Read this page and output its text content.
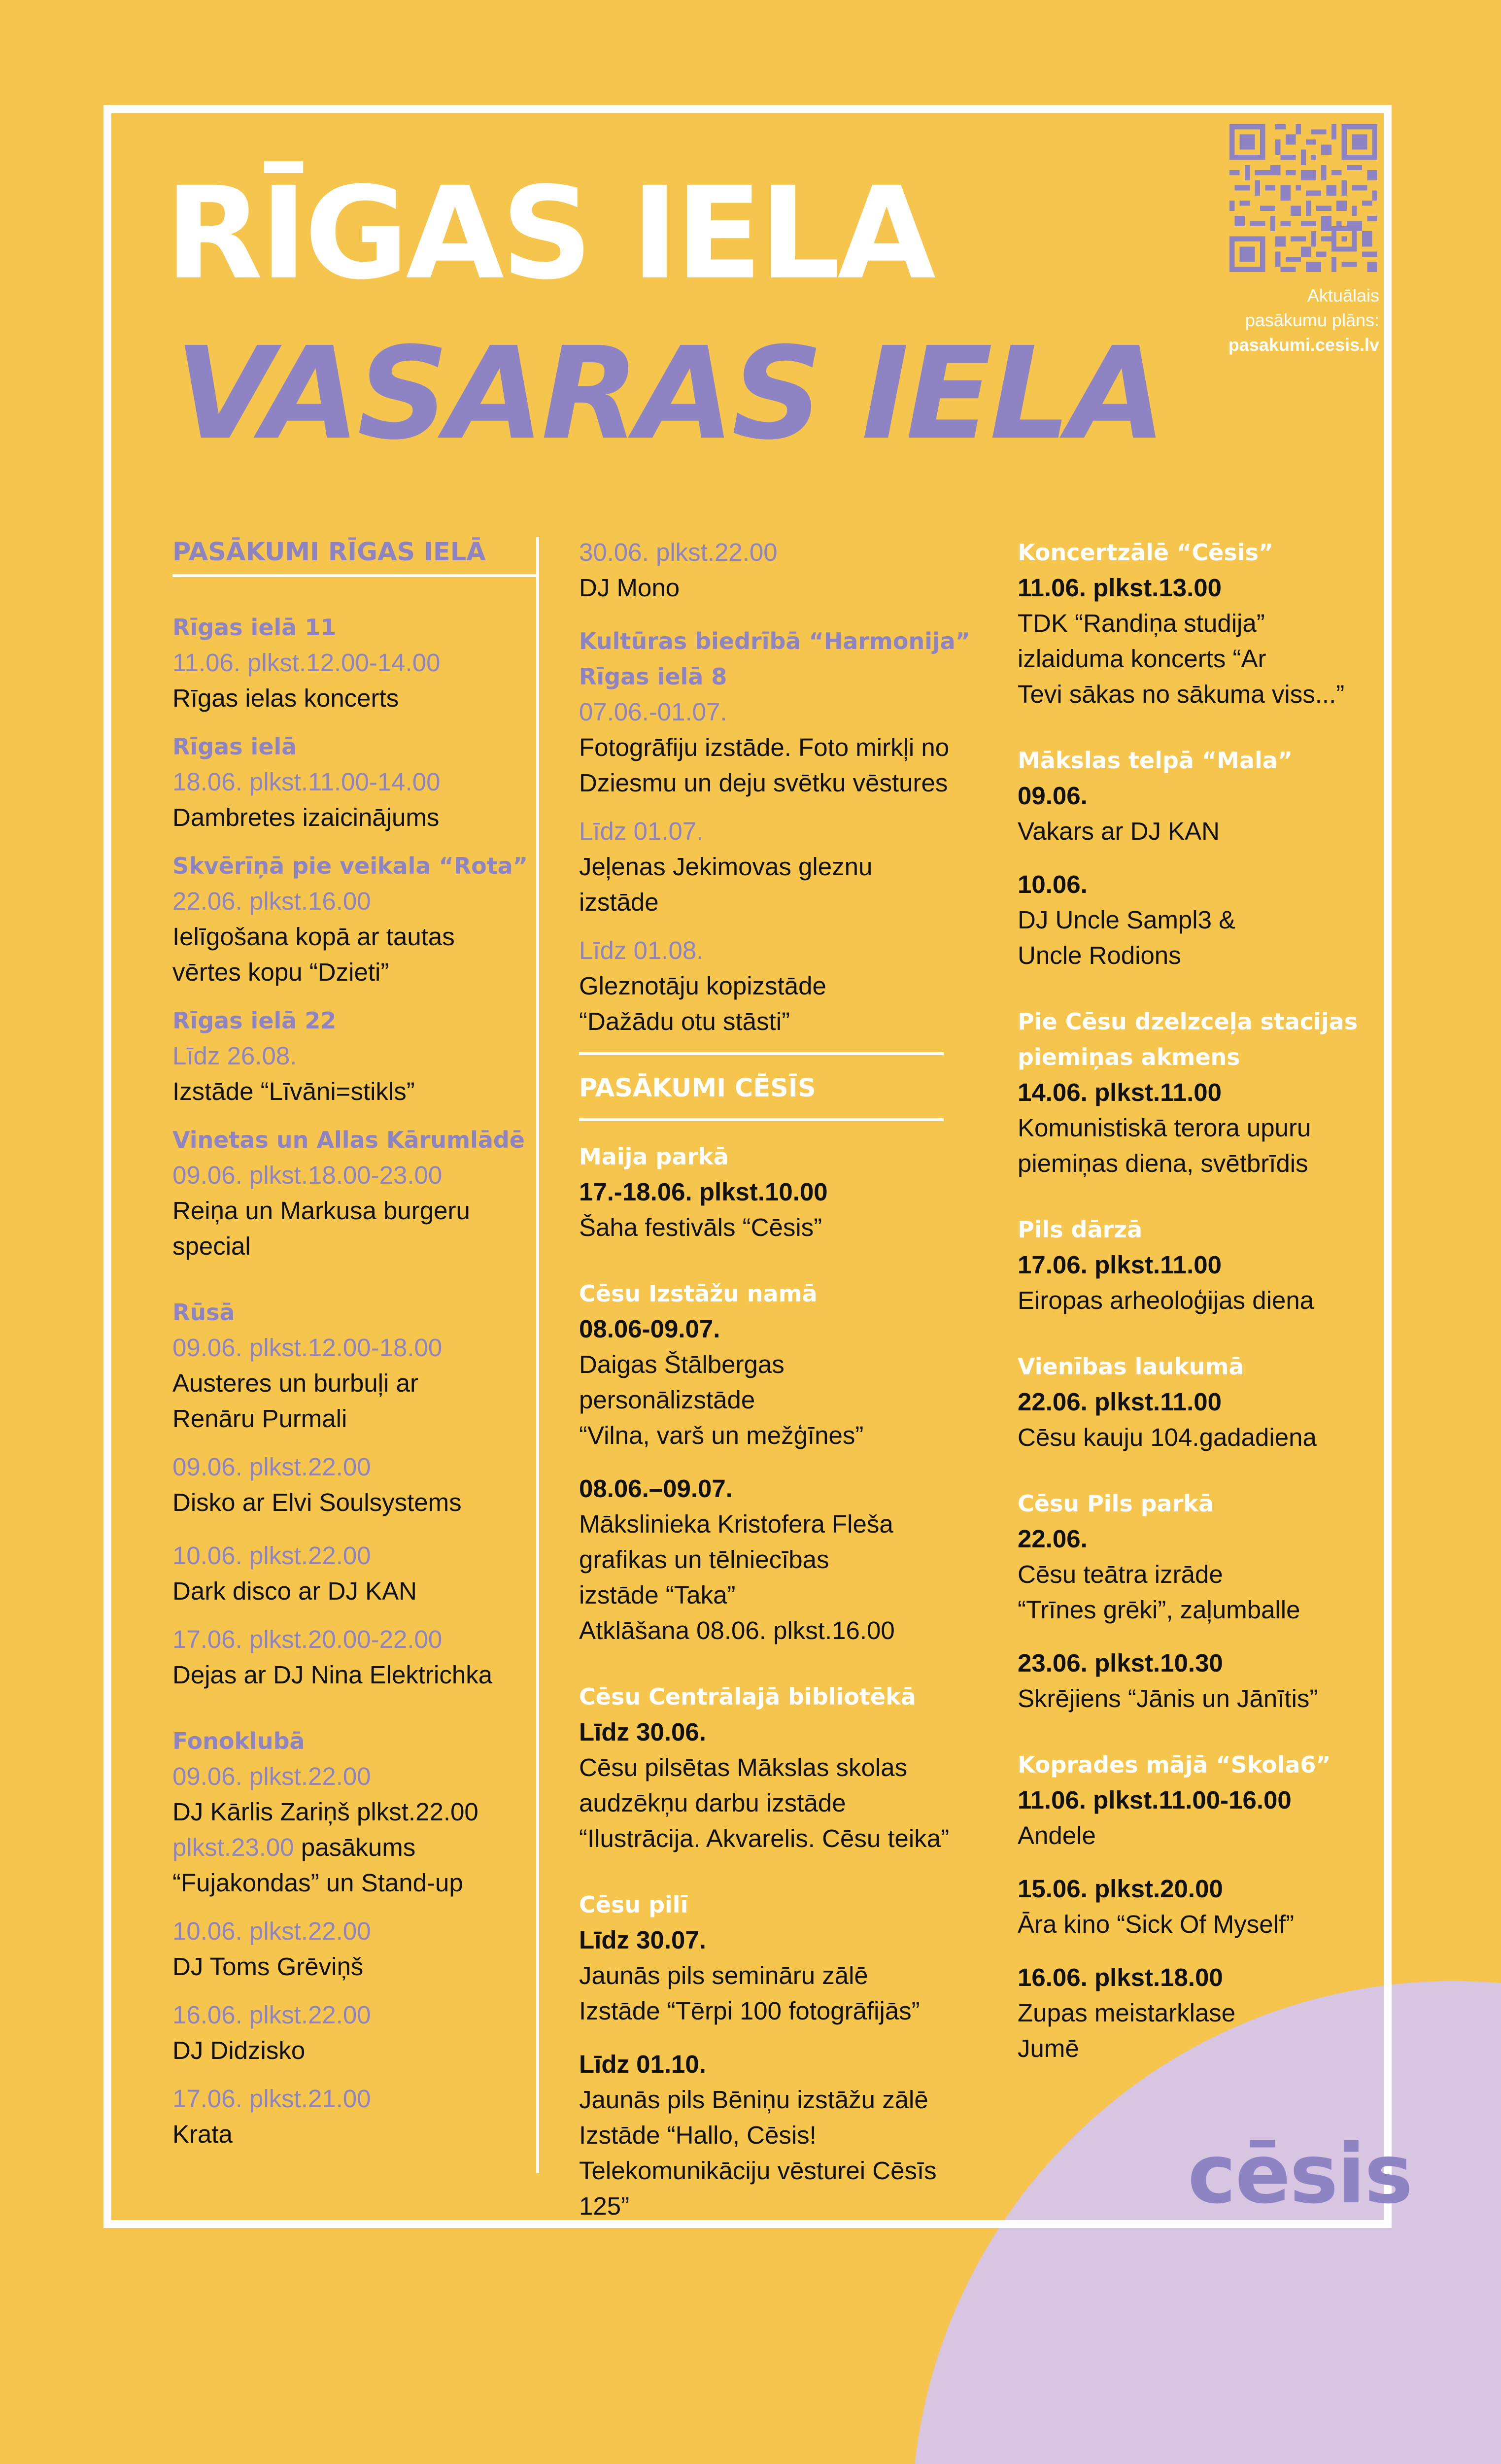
RĪGAS IELA
VASARAS IELA
Aktuālais
pasākumu plāns:
pasakumi.cesis.lv
PASĀKUMI RĪGAS IELĀ
Rīgas ielā 11
11.06. plkst.12.00-14.00
Rīgas ielas koncerts
Rīgas ielā
18.06. plkst.11.00-14.00
Dambretes izaicinājums
Skvērīņā pie veikala “Rota”
22.06. plkst.16.00
Ielīgošana kopā ar tautas
vērtes kopu “Dzieti”
Rīgas ielā 22
Līdz 26.08.
Izstāde “Līvāni=stikls”
Vinetas un Allas Kārumlādē
09.06. plkst.18.00-23.00
Reiņa un Markusa burgeru
special
Rūsā
09.06. plkst.12.00-18.00
Austeres un burbuļi ar
Renāru Purmali
09.06. plkst.22.00
Disko ar Elvi Soulsystems
10.06. plkst.22.00
Dark disco ar DJ KAN
17.06. plkst.20.00-22.00
Dejas ar DJ Nina Elektrichka
Fonoklubā
09.06. plkst.22.00
DJ Kārlis Zariņš plkst.22.00
plkst.23.00 pasākums
“Fujakondas” un Stand-up
10.06. plkst.22.00
DJ Toms Grēviņš
16.06. plkst.22.00
DJ Didzisko
17.06. plkst.21.00
Krata
30.06. plkst.22.00
DJ Mono
Kultūras biedrībā “Harmonija”
Rīgas ielā 8
07.06.-01.07.
Fotogrāfiju izstāde. Foto mirkļi no
Dziesmu un deju svētku vēstures
Līdz 01.07.
Jeļenas Jekimovas gleznu izstāde
Līdz 01.08.
Gleznotāju kopizstāde
“Dažādu otu stāsti”
PASĀKUMI CĒSĪS
Maija parkā
17.-18.06. plkst.10.00
Šaha festivāls “Cēsis”
Cēsu Izstāžu namā
08.06-09.07.
Daigas Štālbergas personālizstāde
“Vilna, varš un mežģīnes”
08.06.–09.07.
Mākslinieka Kristofera Fleša
grafikas un tēlniecības
izstāde “Taka”
Atklāšana 08.06. plkst.16.00
Cēsu Centrālajā bibliotēkā
Līdz 30.06.
Cēsu pilsētas Mākslas skolas
audzēkņu darbu izstāde
“Ilustrācija. Akvarelis. Cēsu teika”
Cēsu pilī
Līdz 30.07.
Jaunās pils semināru zālē
Izstāde “Tērpi 100 fotogrāfijās”
Līdz 01.10.
Jaunās pils Bēniņu izstāžu zālē
Izstāde “Hallo, Cēsis!
Telekomunikāciju vēsturei Cēsīs 125”
Koncertzālē “Cēsis”
11.06. plkst.13.00
TDK “Randiņa studija”
izlaiduma koncerts “Ar
Tevi sākas no sākuma viss...”
Mākslas telpā “Mala”
09.06.
Vakars ar DJ KAN
10.06.
DJ Uncle Sampl3 &
Uncle Rodions
Pie Cēsu dzelzceļa stacijas
piemiņas akmens
14.06. plkst.11.00
Komunistiskā terora upuru
piemiņas diena, svētbrīdis
Pils dārzā
17.06. plkst.11.00
Eiropas arheoloģijas diena
Vienības laukumā
22.06. plkst.11.00
Cēsu kauju 104.gadadiena
Cēsu Pils parkā
22.06.
Cēsu teātra izrāde
“Trīnes grēki”, zaļumballe
23.06. plkst.10.30
Skrējiens “Jānis un Jānītis”
Koprades mājā “Skola6”
11.06. plkst.11.00-16.00
Andele
15.06. plkst.20.00
Āra kino “Sick Of Myself”
16.06. plkst.18.00
Zupas meistarklase
Jumē
cēsis
